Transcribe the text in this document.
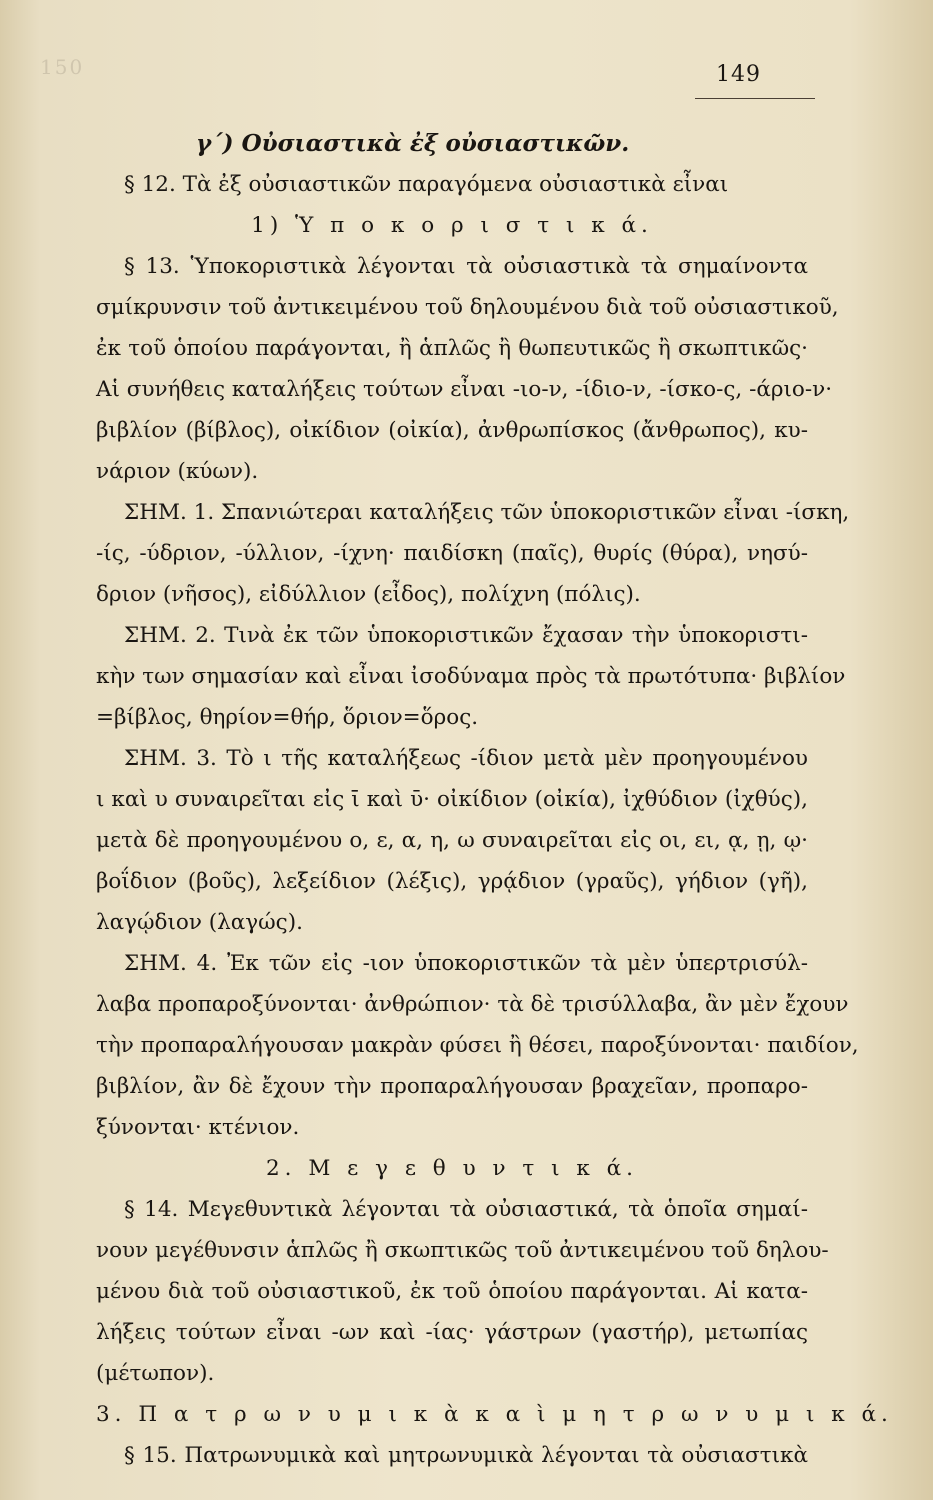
150	149
γ΄) Οὐσιαστικὰ ἐξ οὐσιαστικῶν.
§ 12. Τὰ ἐξ οὐσιαστικῶν παραγόμενα οὐσιαστικὰ εἶναι
1) Ὑ π ο κ ο ρ ι σ τ ι κ ά.
§ 13. Ὑποκοριστικὰ λέγονται τὰ οὐσιαστικὰ τὰ σημαίνοντα
σμίκρυνσιν τοῦ ἀντικειμένου τοῦ δηλουμένου διὰ τοῦ οὐσιαστικοῦ,
ἐκ τοῦ ὁποίου παράγονται, ἢ ἁπλῶς ἢ θωπευτικῶς ἢ σκωπτικῶς·
Αἱ συνήθεις καταλήξεις τούτων εἶναι -ιο-ν, -ίδιο-ν, -ίσκο-ς, -άριο-ν·
βιβλίον (βίβλος), οἰκίδιον (οἰκία), ἀνθρωπίσκος (ἄνθρωπος), κυ-
νάριον (κύων).
ΣΗΜ. 1. Σπανιώτεραι καταλήξεις τῶν ὑποκοριστικῶν εἶναι -ίσκη,
-ίς, -ύδριον, -ύλλιον, -ίχνη· παιδίσκη (παῖς), θυρίς (θύρα), νησύ-
δριον (νῆσος), εἰδύλλιον (εἶδος), πολίχνη (πόλις).
ΣΗΜ. 2. Τινὰ ἐκ τῶν ὑποκοριστικῶν ἔχασαν τὴν ὑποκοριστι-
κὴν των σημασίαν καὶ εἶναι ἰσοδύναμα πρὸς τὰ πρωτότυπα· βιβλίον
=βίβλος, θηρίον=θήρ, ὅριον=ὅρος.
ΣΗΜ. 3. Τὸ ι τῆς καταλήξεως -ίδιον μετὰ μὲν προηγουμένου
ι καὶ υ συναιρεῖται εἰς ῑ καὶ ῡ· οἰκίδιον (οἰκία), ἰχθύδιον (ἰχθύς),
μετὰ δὲ προηγουμένου ο, ε, α, η, ω συναιρεῖται εἰς οι, ει, ᾳ, ῃ, ῳ·
βοΐδιον (βοῦς), λεξείδιον (λέξις), γρᾴδιον (γραῦς), γήδιον (γῆ),
λαγῴδιον (λαγώς).
ΣΗΜ. 4. Ἐκ τῶν εἰς -ιον ὑποκοριστικῶν τὰ μὲν ὑπερτρισύλ-
λαβα προπαροξύνονται· ἀνθρώπιον· τὰ δὲ τρισύλλαβα, ἂν μὲν ἔχουν
τὴν προπαραλήγουσαν μακρὰν φύσει ἢ θέσει, παροξύνονται· παιδίον,
βιβλίον, ἂν δὲ ἔχουν τὴν προπαραλήγουσαν βραχεῖαν, προπαρο-
ξύνονται· κτένιον.
2. Μ ε γ ε θ υ ν τ ι κ ά.
§ 14. Μεγεθυντικὰ λέγονται τὰ οὐσιαστικά, τὰ ὁποῖα σημαί-
νουν μεγέθυνσιν ἁπλῶς ἢ σκωπτικῶς τοῦ ἀντικειμένου τοῦ δηλου-
μένου διὰ τοῦ οὐσιαστικοῦ, ἐκ τοῦ ὁποίου παράγονται. Αἱ κατα-
λήξεις τούτων εἶναι -ων καὶ -ίας· γάστρων (γαστήρ), μετωπίας
(μέτωπον).
3. Π α τ ρ ω ν υ μ ι κ ὰ κ α ὶ μ η τ ρ ω ν υ μ ι κ ά.
§ 15. Πατρωνυμικὰ καὶ μητρωνυμικὰ λέγονται τὰ οὐσιαστικὰ
